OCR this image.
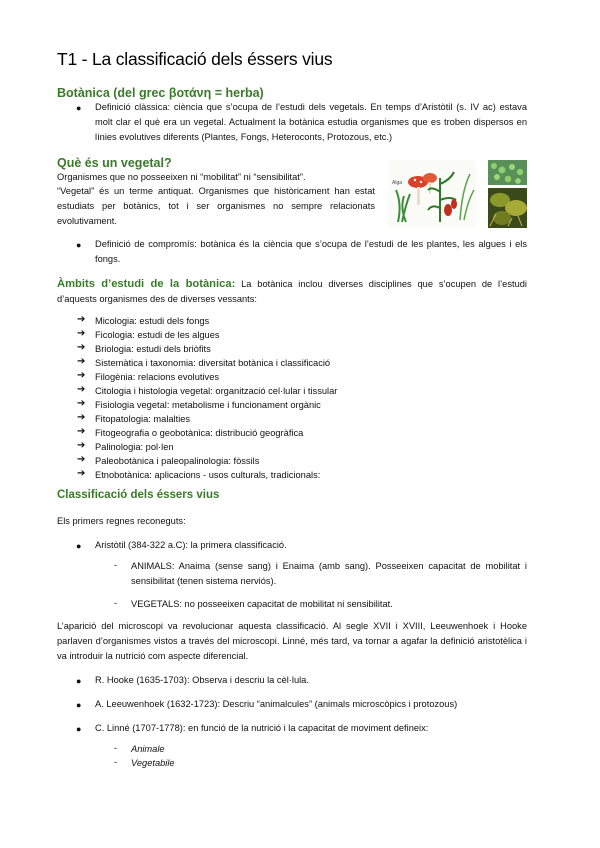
T1 - La classificació dels éssers vius
Botànica (del grec βοτάνη = herba)
● Definició clàssica: ciència que s’ocupa de l’estudi dels vegetals. En temps d’Aristòtil (s. IV ac) estava molt clar el què era un vegetal. Actualment la botànica estudia organismes que es troben dispersos en línies evolutives diferents (Plantes, Fongs, Heteroconts, Protozous, etc.)
Què és un vegetal?
Organismes que no posseeixen ni “mobilitat” ni “sensibilitat”.
“Vegetal” és un terme antiquat. Organismes que històricament han estat estudiats per botànics, tot i ser organismes no sempre relacionats evolutivament.
Alga
● Definició de compromís: botànica és la ciència que s’ocupa de l’estudi de les plantes, les algues i els fongs.
Àmbits d’estudi de la botànica: La botànica inclou diverses disciplines que s’ocupen de l’estudi d’aquests organismes des de diverses vessants:
➔ Micologia: estudi dels fongs
➔ Ficologia: estudi de les algues
➔ Briologia: estudi dels briòfits
➔ Sistemàtica i taxonomia: diversitat botànica i classificació
➔ Filogènia: relacions evolutives
➔ Citologia i histologia vegetal: organització cel·lular i tissular
➔ Fisiologia vegetal: metabolisme i funcionament orgànic
➔ Fitopatologia: malalties
➔ Fitogeografia o geobotànica: distribució geogràfica
➔ Palinologia: pol·len
➔ Paleobotànica i paleopalinologia: fòssils
➔ Etnobotànica: aplicacions - usos culturals, tradicionals:
Classificació dels éssers vius
Els primers regnes reconeguts:
● Aristòtil (384-322 a.C): la primera classificació.
- ANIMALS: Anaima (sense sang) i Enaima (amb sang). Posseeixen capacitat de mobilitat i sensibilitat (tenen sistema nerviós).
- VEGETALS: no posseeixen capacitat de mobilitat ni sensibilitat.
L’aparició del microscopi va revolucionar aquesta classificació. Al segle XVII i XVIII, Leeuwenhoek i Hooke parlaven d’organismes vistos a través del microscopi. Linné, més tard, va tornar a agafar la definició aristotèlica i va introduir la nutrició com aspecte diferencial.
● R. Hooke (1635-1703): Observa i descriu la cèl·lula.
● A. Leeuwenhoek (1632-1723): Descriu “animalcules” (animals microscòpics i protozous)
● C. Linné (1707-1778): en funció de la nutrició i la capacitat de moviment defineix:
- Animale
- Vegetabile
